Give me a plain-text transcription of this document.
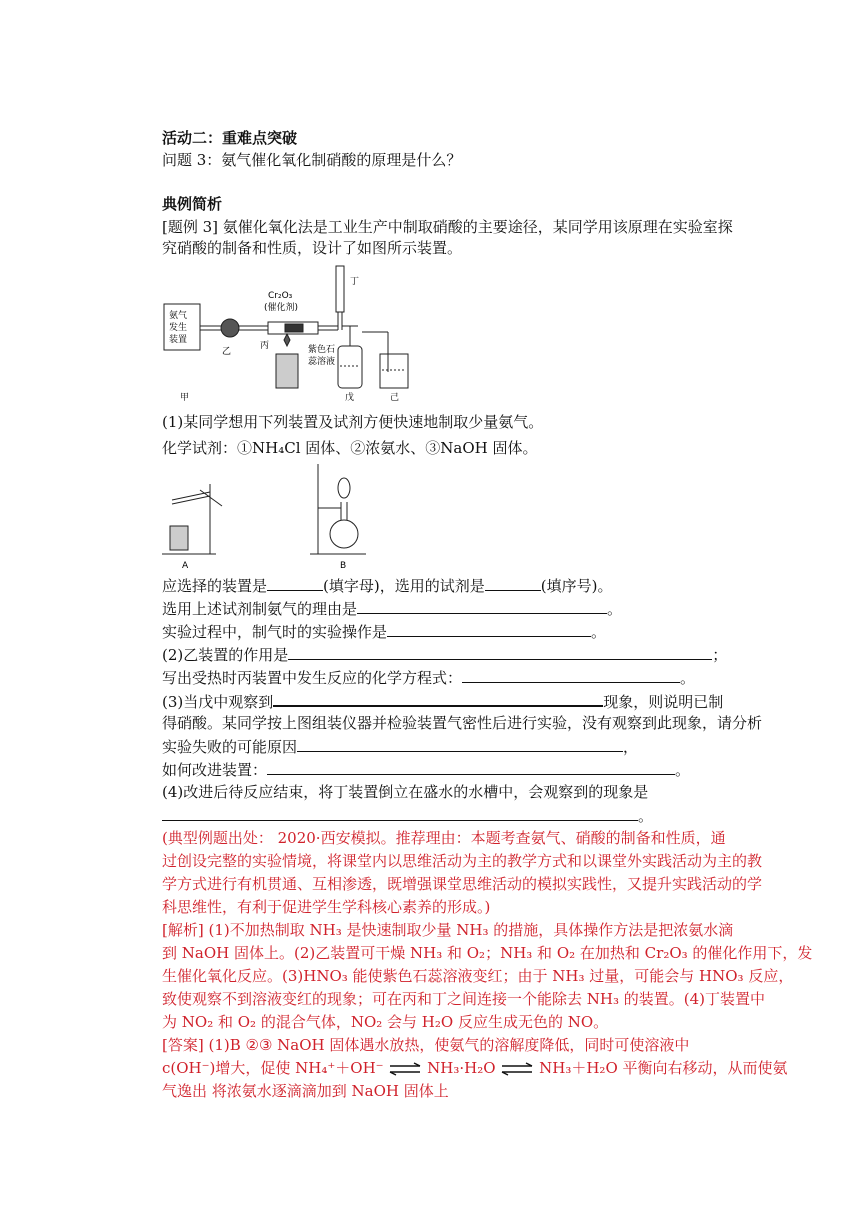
活动二：重难点突破
问题 3：氨气催化氧化制硝酸的原理是什么？
典例简析
[题例 3] 氨催化氧化法是工业生产中制取硝酸的主要途径，某同学用该原理在实验室探
究硝酸的制备和性质，设计了如图所示装置。
氨气
发生
装置
Cr₂O₃
(催化剂)
乙
丙
丁
紫色石
蕊溶液
甲	戊	己
(1)某同学想用下列装置及试剂方便快速地制取少量氨气。
化学试剂：①NH₄Cl 固体、②浓氨水、③NaOH 固体。
A	B
应选择的装置是	(填字母)，选用的试剂是	(填序号)。
选用上述试剂制氨气的理由是	。
实验过程中，制气时的实验操作是	。
(2)乙装置的作用是	；
写出受热时丙装置中发生反应的化学方程式：	。
(3)当戊中观察到	现象，则说明已制
得硝酸。某同学按上图组装仪器并检验装置气密性后进行实验，没有观察到此现象，请分析
实验失败的可能原因	，
如何改进装置：	。
(4)改进后待反应结束，将丁装置倒立在盛水的水槽中，会观察到的现象是
。
(典型例题出处： 2020·西安模拟。推荐理由：本题考查氨气、硝酸的制备和性质，通
过创设完整的实验情境，将课堂内以思维活动为主的教学方式和以课堂外实践活动为主的教
学方式进行有机贯通、互相渗透，既增强课堂思维活动的模拟实践性，又提升实践活动的学
科思维性，有利于促进学生学科核心素养的形成。)
[解析] (1)不加热制取 NH₃ 是快速制取少量 NH₃ 的措施，具体操作方法是把浓氨水滴
到 NaOH 固体上。(2)乙装置可干燥 NH₃ 和 O₂；NH₃ 和 O₂ 在加热和 Cr₂O₃ 的催化作用下，发
生催化氧化反应。(3)HNO₃ 能使紫色石蕊溶液变红；由于 NH₃ 过量，可能会与 HNO₃ 反应，
致使观察不到溶液变红的现象；可在丙和丁之间连接一个能除去 NH₃ 的装置。(4)丁装置中
为 NO₂ 和 O₂ 的混合气体，NO₂ 会与 H₂O 反应生成无色的 NO。
[答案] (1)B ②③ NaOH 固体遇水放热，使氨气的溶解度降低，同时可使溶液中
c(OH⁻)增大，促使 NH₄⁺＋OH⁻ ⇌ NH₃·H₂O ⇌ NH₃＋H₂O 平衡向右移动，从而使氨
气逸出 将浓氨水逐滴滴加到 NaOH 固体上
